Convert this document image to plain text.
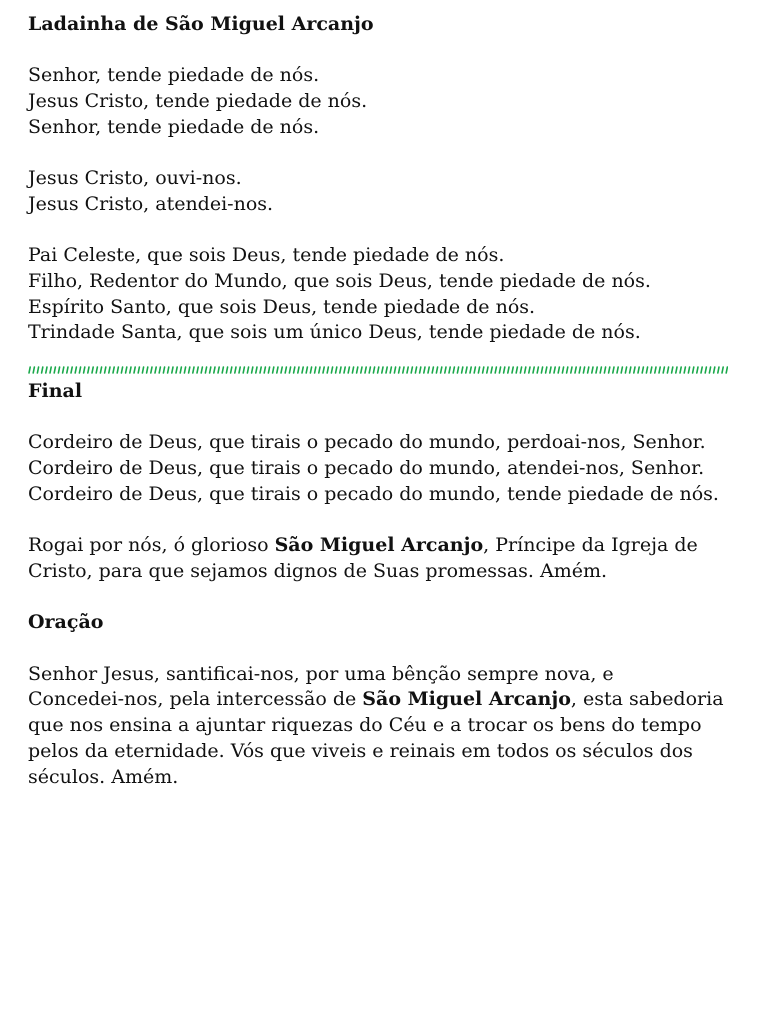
Ladainha de São Miguel Arcanjo

Senhor, tende piedade de nós.
Jesus Cristo, tende piedade de nós.
Senhor, tende piedade de nós.

Jesus Cristo, ouvi-nos.
Jesus Cristo, atendei-nos.

Pai Celeste, que sois Deus, tende piedade de nós.
Filho, Redentor do Mundo, que sois Deus, tende piedade de nós.
Espírito Santo, que sois Deus, tende piedade de nós.
Trindade Santa, que sois um único Deus, tende piedade de nós.

Final

Cordeiro de Deus, que tirais o pecado do mundo, perdoai-nos, Senhor.
Cordeiro de Deus, que tirais o pecado do mundo, atendei-nos, Senhor.
Cordeiro de Deus, que tirais o pecado do mundo, tende piedade de nós.

Rogai por nós, ó glorioso São Miguel Arcanjo, Príncipe da Igreja de
Cristo, para que sejamos dignos de Suas promessas. Amém.

Oração

Senhor Jesus, santificai-nos, por uma bênção sempre nova, e
Concedei-nos, pela intercessão de São Miguel Arcanjo, esta sabedoria
que nos ensina a ajuntar riquezas do Céu e a trocar os bens do tempo
pelos da eternidade. Vós que viveis e reinais em todos os séculos dos
séculos. Amém.
